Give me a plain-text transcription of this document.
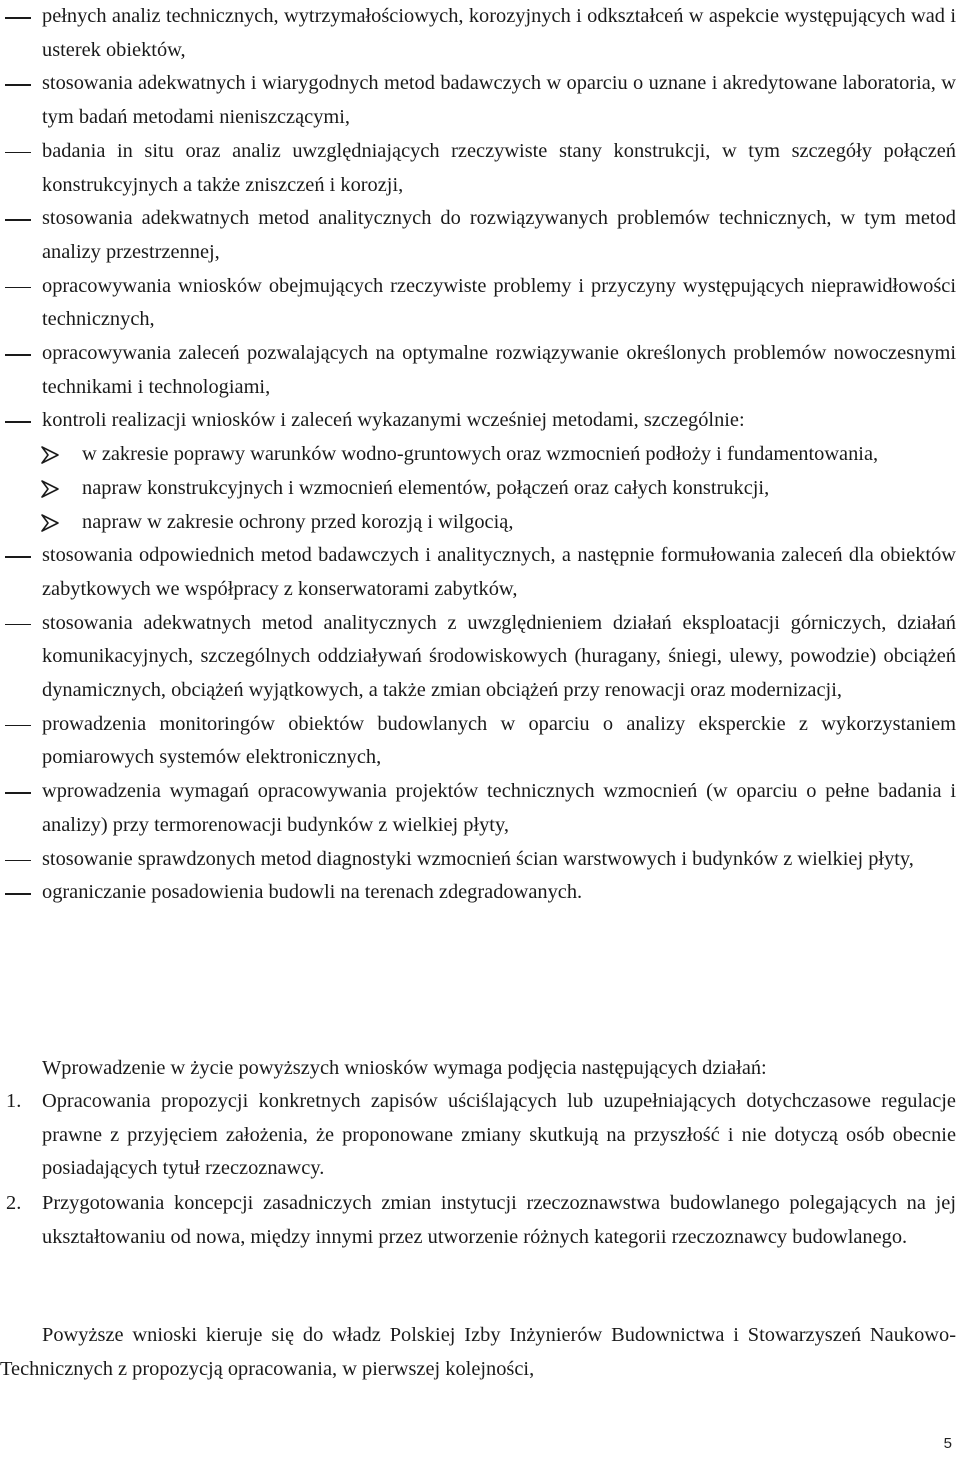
pełnych analiz technicznych, wytrzymałościowych, korozyjnych i odkształceń w aspekcie występujących wad i usterek obiektów,
stosowania adekwatnych i wiarygodnych metod badawczych w oparciu o uznane i akredytowane laboratoria, w tym badań metodami nieniszczącymi,
badania in situ oraz analiz uwzględniających rzeczywiste stany konstrukcji, w tym szczegóły połączeń konstrukcyjnych a także zniszczeń i korozji,
stosowania adekwatnych metod analitycznych do rozwiązywanych problemów technicznych, w tym metod analizy przestrzennej,
opracowywania wniosków obejmujących rzeczywiste problemy i przyczyny występujących nieprawidłowości technicznych,
opracowywania zaleceń pozwalających na optymalne rozwiązywanie określonych problemów nowoczesnymi technikami i technologiami,
kontroli realizacji wniosków i zaleceń wykazanymi wcześniej metodami, szczególnie:
w zakresie poprawy warunków wodno-gruntowych oraz wzmocnień podłoży i fundamentowania,
napraw konstrukcyjnych i wzmocnień elementów, połączeń oraz całych konstrukcji,
napraw w zakresie ochrony przed korozją i wilgocią,
stosowania odpowiednich metod badawczych i analitycznych, a następnie formułowania zaleceń dla obiektów zabytkowych we współpracy z konserwatorami zabytków,
stosowania adekwatnych metod analitycznych z uwzględnieniem działań eksploatacji górniczych, działań komunikacyjnych, szczególnych oddziaływań środowiskowych (huragany, śniegi, ulewy, powodzie) obciążeń dynamicznych, obciążeń wyjątkowych, a także zmian obciążeń przy renowacji oraz modernizacji,
prowadzenia monitoringów obiektów budowlanych w oparciu o analizy eksperckie z wykorzystaniem pomiarowych systemów elektronicznych,
wprowadzenia wymagań opracowywania projektów technicznych wzmocnień (w oparciu o pełne badania i analizy) przy termorenowacji budynków z wielkiej płyty,
stosowanie sprawdzonych metod diagnostyki wzmocnień ścian warstwowych i budynków z wielkiej płyty,
ograniczanie posadowienia budowli na terenach zdegradowanych.
Wprowadzenie w życie powyższych wniosków wymaga podjęcia następujących działań:
1. Opracowania propozycji konkretnych zapisów uściślających lub uzupełniających dotychczasowe regulacje prawne z przyjęciem założenia, że proponowane zmiany skutkują na przyszłość i nie dotyczą osób obecnie posiadających tytuł rzeczoznawcy.
2. Przygotowania koncepcji zasadniczych zmian instytucji rzeczoznawstwa budowlanego polegających na jej ukształtowaniu od nowa, między innymi przez utworzenie różnych kategorii rzeczoznawcy budowlanego.
Powyższe wnioski kieruje się do władz Polskiej Izby Inżynierów Budownictwa i Stowarzyszeń Naukowo-Technicznych z propozycją opracowania, w pierwszej kolejności,
5
